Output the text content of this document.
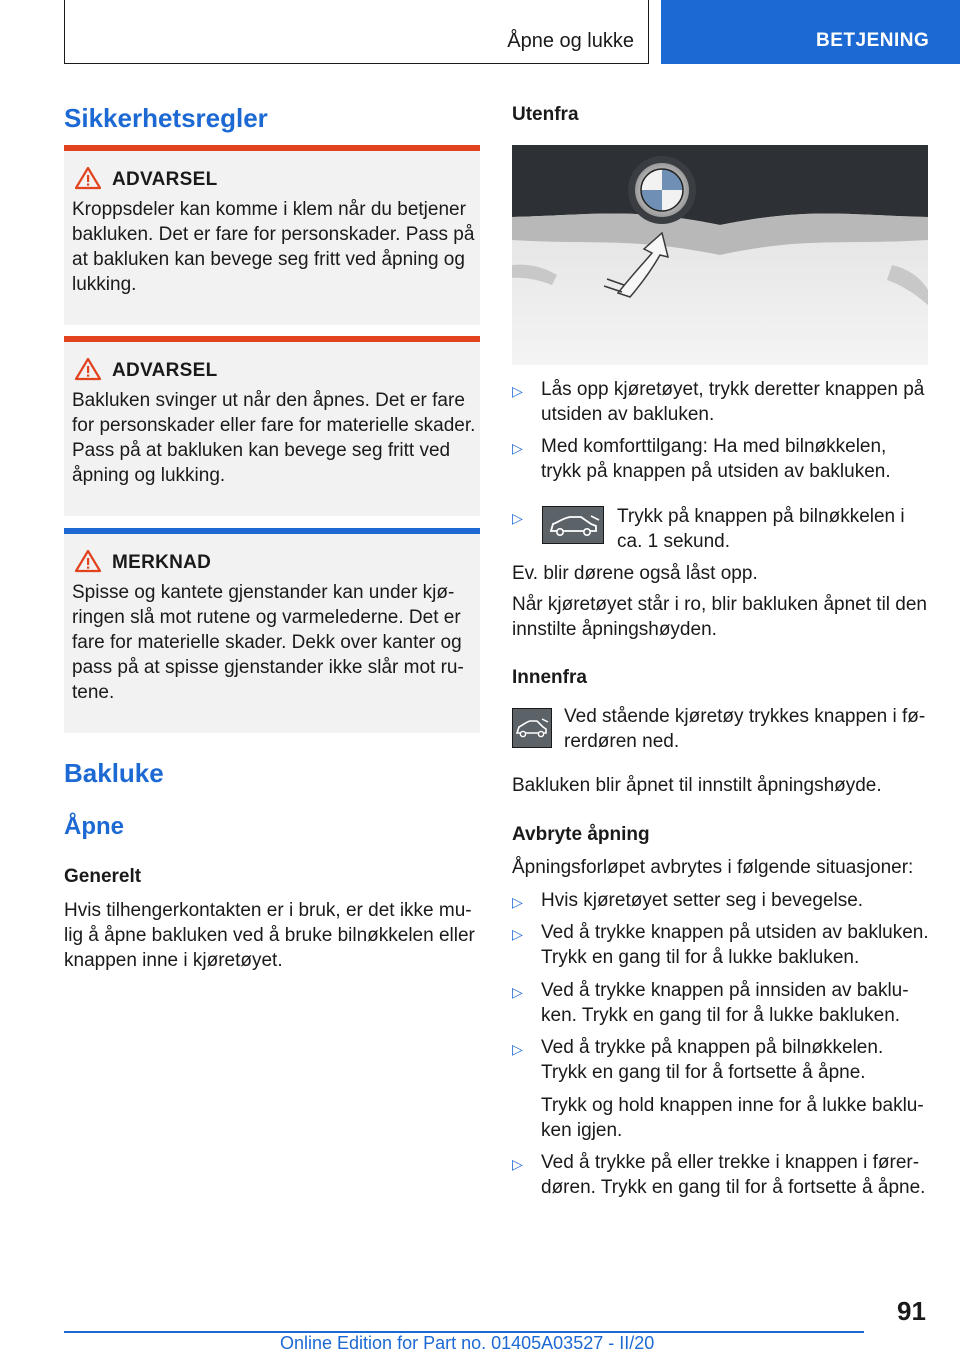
Åpne og lukke	BETJENING
Sikkerhetsregler
ADVARSEL
Kroppsdeler kan komme i klem når du betjener bakluken. Det er fare for personskader. Pass på at bakluken kan bevege seg fritt ved åpning og lukking.
ADVARSEL
Bakluken svinger ut når den åpnes. Det er fare for personskader eller fare for materielle skader. Pass på at bakluken kan bevege seg fritt ved åpning og lukking.
MERKNAD
Spisse og kantete gjenstander kan under kjø-ringen slå mot rutene og varmelederne. Det er fare for materielle skader. Dekk over kanter og pass på at spisse gjenstander ikke slår mot ru-tene.
Bakluke
Åpne
Generelt
Hvis tilhengerkontakten er i bruk, er det ikke mu-lig å åpne bakluken ved å bruke bilnøkkelen eller knappen inne i kjøretøyet.
Utenfra
▷ Lås opp kjøretøyet, trykk deretter knappen på utsiden av bakluken.
▷ Med komforttilgang: Ha med bilnøkkelen, trykk på knappen på utsiden av bakluken.
▷	Trykk på knappen på bilnøkkelen i ca. 1 sekund.
Ev. blir dørene også låst opp.
Når kjøretøyet står i ro, blir bakluken åpnet til den innstilte åpningshøyden.
Innenfra
Ved stående kjøretøy trykkes knappen i fø-rerdøren ned.
Bakluken blir åpnet til innstilt åpningshøyde.
Avbryte åpning
Åpningsforløpet avbrytes i følgende situasjoner:
▷ Hvis kjøretøyet setter seg i bevegelse.
▷ Ved å trykke knappen på utsiden av bakluken. Trykk en gang til for å lukke bakluken.
▷ Ved å trykke knappen på innsiden av baklu-ken. Trykk en gang til for å lukke bakluken.
▷ Ved å trykke på knappen på bilnøkkelen. Trykk en gang til for å fortsette å åpne.
Trykk og hold knappen inne for å lukke baklu-ken igjen.
▷ Ved å trykke på eller trekke i knappen i fører-døren. Trykk en gang til for å fortsette å åpne.
91
Online Edition for Part no. 01405A03527 - II/20
